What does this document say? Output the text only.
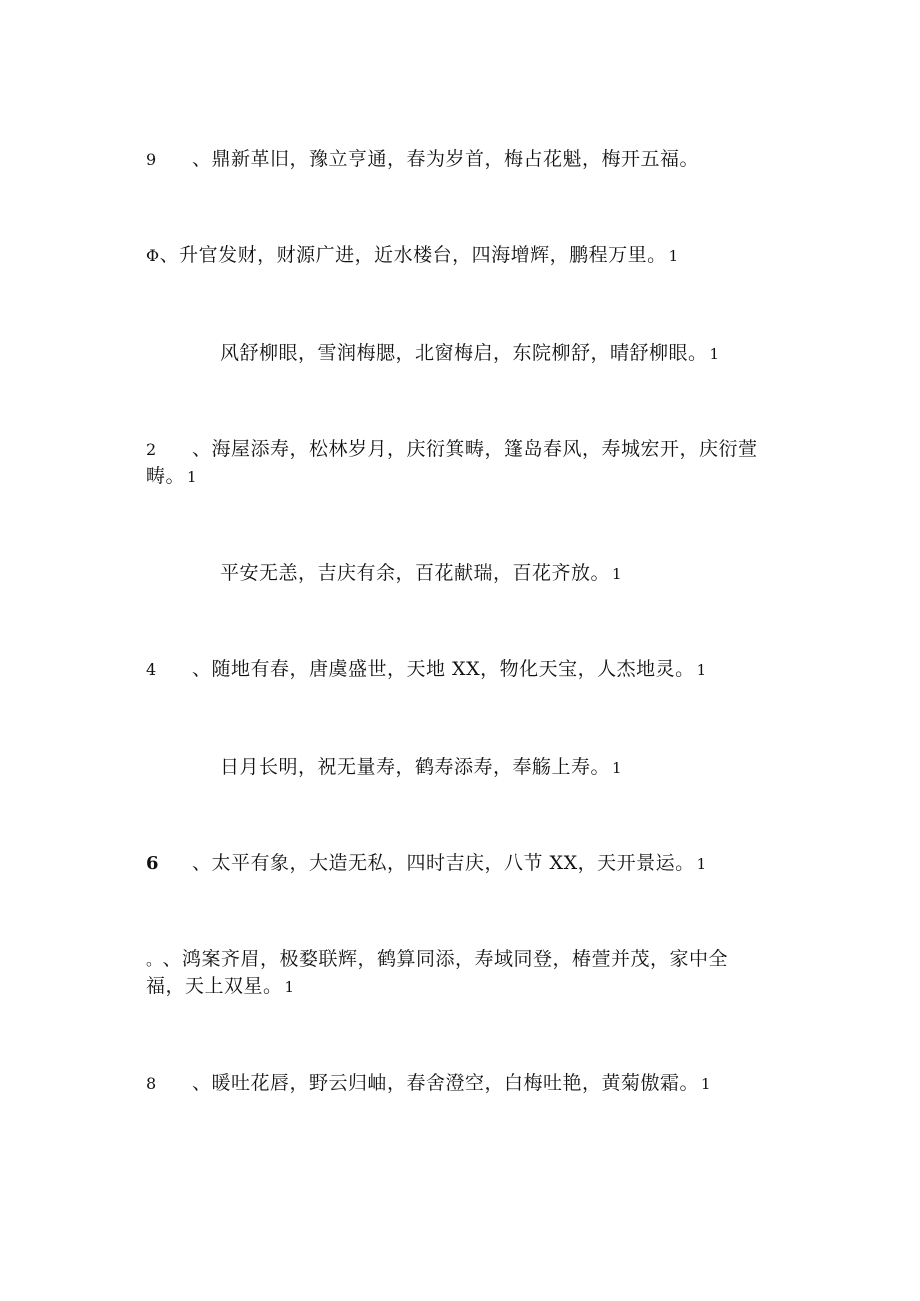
9 、鼎新革旧，豫立亨通，春为岁首，梅占花魁，梅开五福。
Φ、升官发财，财源广进，近水楼台，四海增辉，鹏程万里。 1
风舒柳眼，雪润梅腮，北窗梅启，东院柳舒，晴舒柳眼。 1
2 、海屋添寿，松林岁月，庆衍箕畴，篷岛春风，寿城宏开，庆衍萱畴。 1
平安无恙，吉庆有余，百花献瑞，百花齐放。 1
4 、随地有春，唐虞盛世，天地 XX，物化天宝，人杰地灵。 1
日月长明，祝无量寿，鹤寿添寿，奉觞上寿。 1
6 、太平有象，大造无私，四时吉庆，八节 XX，天开景运。 1
。、鸿案齐眉，极婺联辉，鹤算同添，寿域同登，椿萱并茂，家中全福，天上双星。 1
8 、暖吐花唇，野云归岫，春舍澄空，白梅吐艳，黄菊傲霜。 1
